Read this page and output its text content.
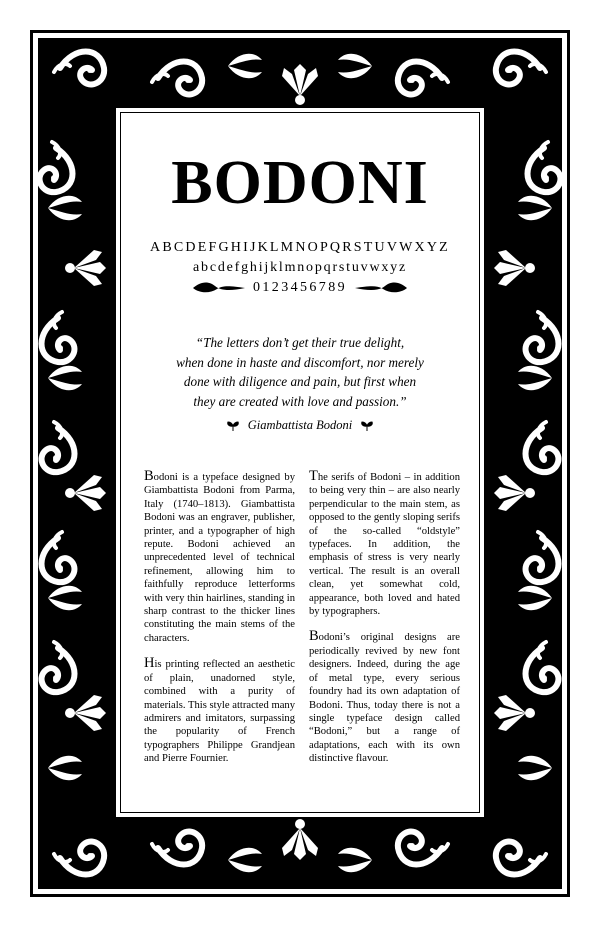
BODONI
ABCDEFGHIJKLMNOPQRSTUVWXYZ
abcdefghijklmnopqrstuvwxyz
0123456789
“The letters don’t get their true delight,
when done in haste and discomfort, nor merely
done with diligence and pain, but first when
they are created with love and passion.”
Giambattista Bodoni

Bodoni is a typeface designed by Giambattista Bodoni from Parma, Italy (1740–1813). Giambattista Bodoni was an engraver, publisher, printer, and a typographer of high repute. Bodoni achieved an unprecedented level of technical refinement, allowing him to faithfully reproduce letterforms with very thin hairlines, standing in sharp contrast to the thicker lines constituting the main stems of the characters.

His printing reflected an aesthetic of plain, unadorned style, combined with a purity of materials. This style attracted many admirers and imitators, surpassing the popularity of French typographers Philippe Grandjean and Pierre Fournier.

The serifs of Bodoni – in addition to being very thin – are also nearly perpendicular to the main stem, as opposed to the gently sloping serifs of the so-called “oldstyle” typefaces. In addition, the emphasis of stress is very nearly vertical. The result is an overall clean, yet somewhat cold, appearance, both loved and hated by typographers.

Bodoni’s original designs are periodically revived by new font designers. Indeed, during the age of metal type, every serious foundry had its own adaptation of Bodoni. Thus, today there is not a single typeface design called “Bodoni,” but a range of adaptations, each with its own distinctive flavour.
